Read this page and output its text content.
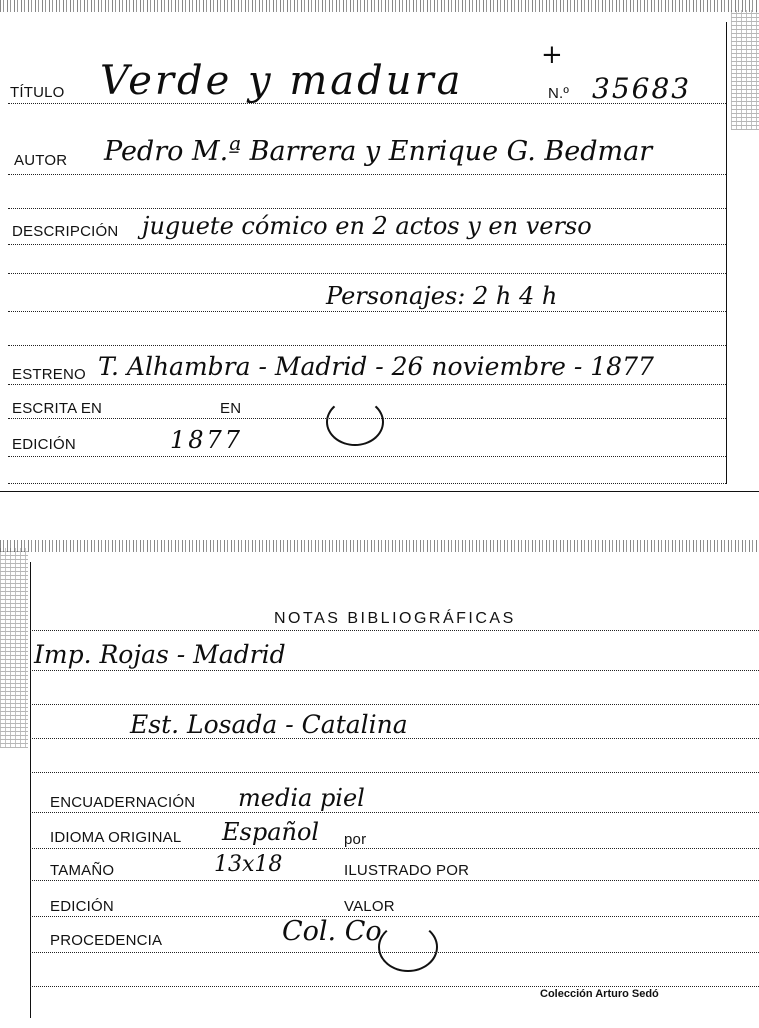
+
N.º 35683
TÍTULO Verde y madura
AUTOR Pedro M.ª Barrera y Enrique G. Bedmar
DESCRIPCIÓN juguete cómico en 2 actos y en verso
Personajes: 2 h 4 h
ESTRENO T. Alhambra - Madrid - 26 noviembre - 1877
ESCRITA EN	EN
EDICIÓN	1877
NOTAS BIBLIOGRÁFICAS
Imp. Rojas - Madrid
Est. Losada - Catalina
ENCUADERNACIÓN media piel
IDIOMA ORIGINAL Español por
TAMAÑO	13x18	ILUSTRADO POR
EDICIÓN	VALOR
PROCEDENCIA	Col. Co
Colección Arturo Sedó
